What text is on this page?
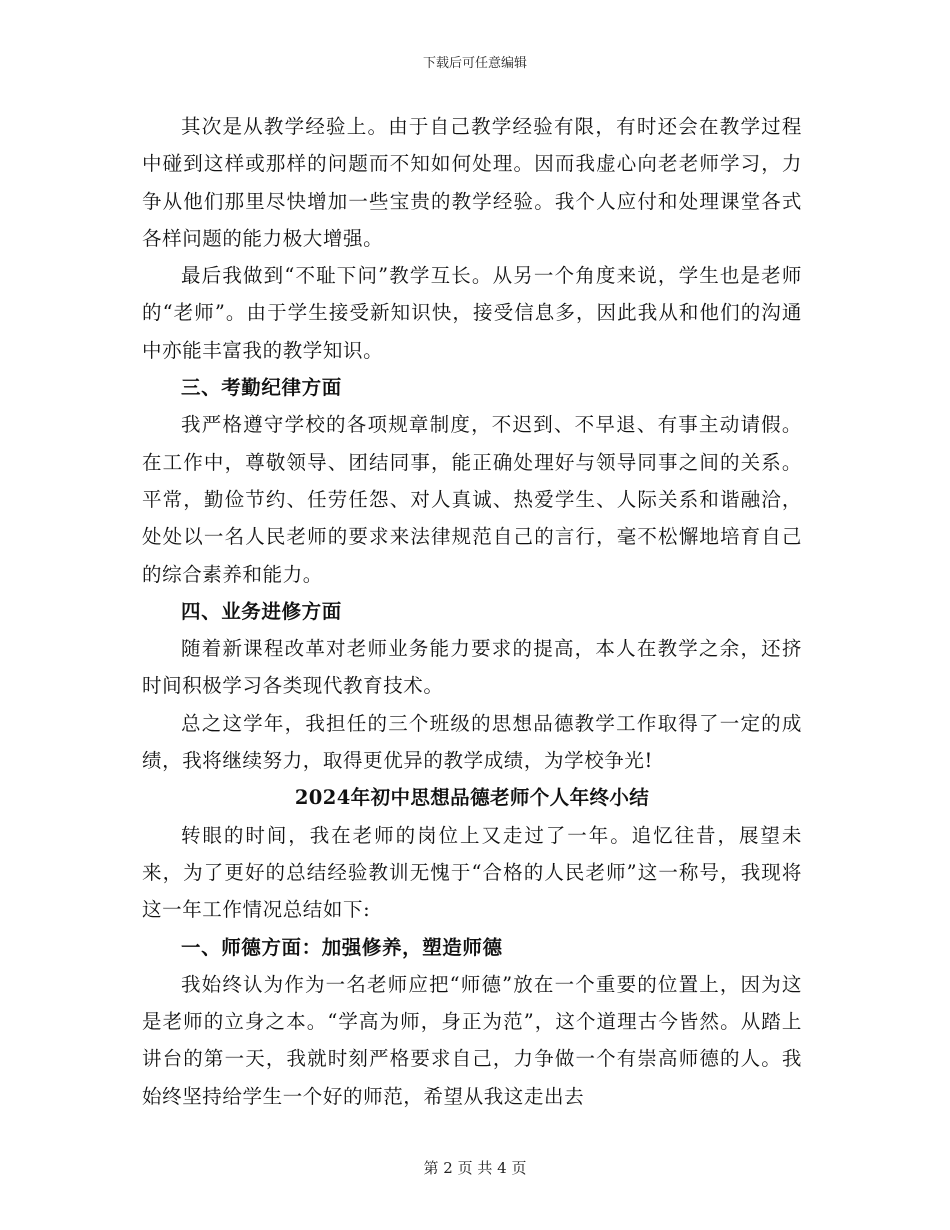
下载后可任意编辑

其次是从教学经验上。由于自己教学经验有限，有时还会在教学过程中碰到这样或那样的问题而不知如何处理。因而我虚心向老老师学习，力争从他们那里尽快增加一些宝贵的教学经验。我个人应付和处理课堂各式各样问题的能力极大增强。

最后我做到“不耻下问”教学互长。从另一个角度来说，学生也是老师的“老师”。由于学生接受新知识快，接受信息多，因此我从和他们的沟通中亦能丰富我的教学知识。

三、考勤纪律方面

我严格遵守学校的各项规章制度，不迟到、不早退、有事主动请假。在工作中，尊敬领导、团结同事，能正确处理好与领导同事之间的关系。平常，勤俭节约、任劳任怨、对人真诚、热爱学生、人际关系和谐融洽，处处以一名人民老师的要求来法律规范自己的言行，毫不松懈地培育自己的综合素养和能力。

四、业务进修方面

随着新课程改革对老师业务能力要求的提高，本人在教学之余，还挤时间积极学习各类现代教育技术。

总之这学年，我担任的三个班级的思想品德教学工作取得了一定的成绩，我将继续努力，取得更优异的教学成绩，为学校争光!

2024年初中思想品德老师个人年终小结

转眼的时间，我在老师的岗位上又走过了一年。追忆往昔，展望未来，为了更好的总结经验教训无愧于“合格的人民老师”这一称号，我现将这一年工作情况总结如下:

一、师德方面：加强修养，塑造师德

我始终认为作为一名老师应把“师德”放在一个重要的位置上，因为这是老师的立身之本。“学高为师，身正为范”，这个道理古今皆然。从踏上讲台的第一天，我就时刻严格要求自己，力争做一个有崇高师德的人。我始终坚持给学生一个好的师范，希望从我这走出去

第 2 页 共 4 页
